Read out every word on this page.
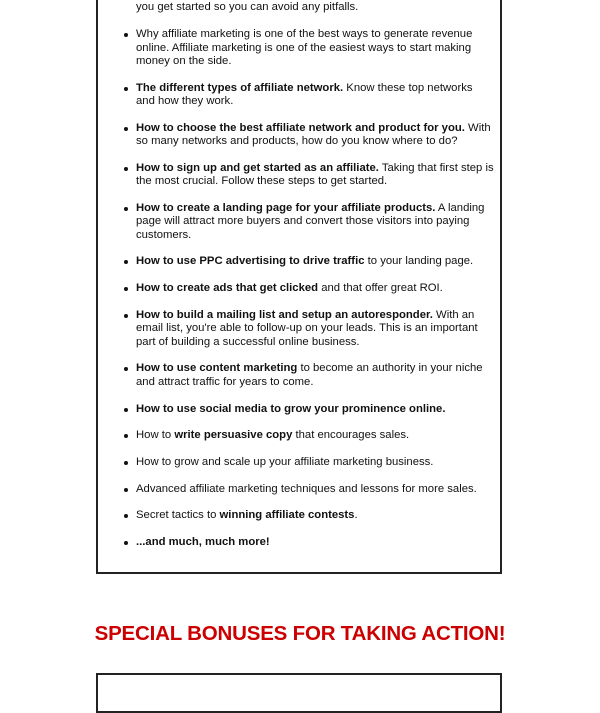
you get started so you can avoid any pitfalls.
Why affiliate marketing is one of the best ways to generate revenue online. Affiliate marketing is one of the easiest ways to start making money on the side.
The different types of affiliate network. Know these top networks and how they work.
How to choose the best affiliate network and product for you. With so many networks and products, how do you know where to do?
How to sign up and get started as an affiliate. Taking that first step is the most crucial. Follow these steps to get started.
How to create a landing page for your affiliate products. A landing page will attract more buyers and convert those visitors into paying customers.
How to use PPC advertising to drive traffic to your landing page.
How to create ads that get clicked and that offer great ROI.
How to build a mailing list and setup an autoresponder. With an email list, you're able to follow-up on your leads. This is an important part of building a successful online business.
How to use content marketing to become an authority in your niche and attract traffic for years to come.
How to use social media to grow your prominence online.
How to write persuasive copy that encourages sales.
How to grow and scale up your affiliate marketing business.
Advanced affiliate marketing techniques and lessons for more sales.
Secret tactics to winning affiliate contests.
...and much, much more!
SPECIAL BONUSES FOR TAKING ACTION!
